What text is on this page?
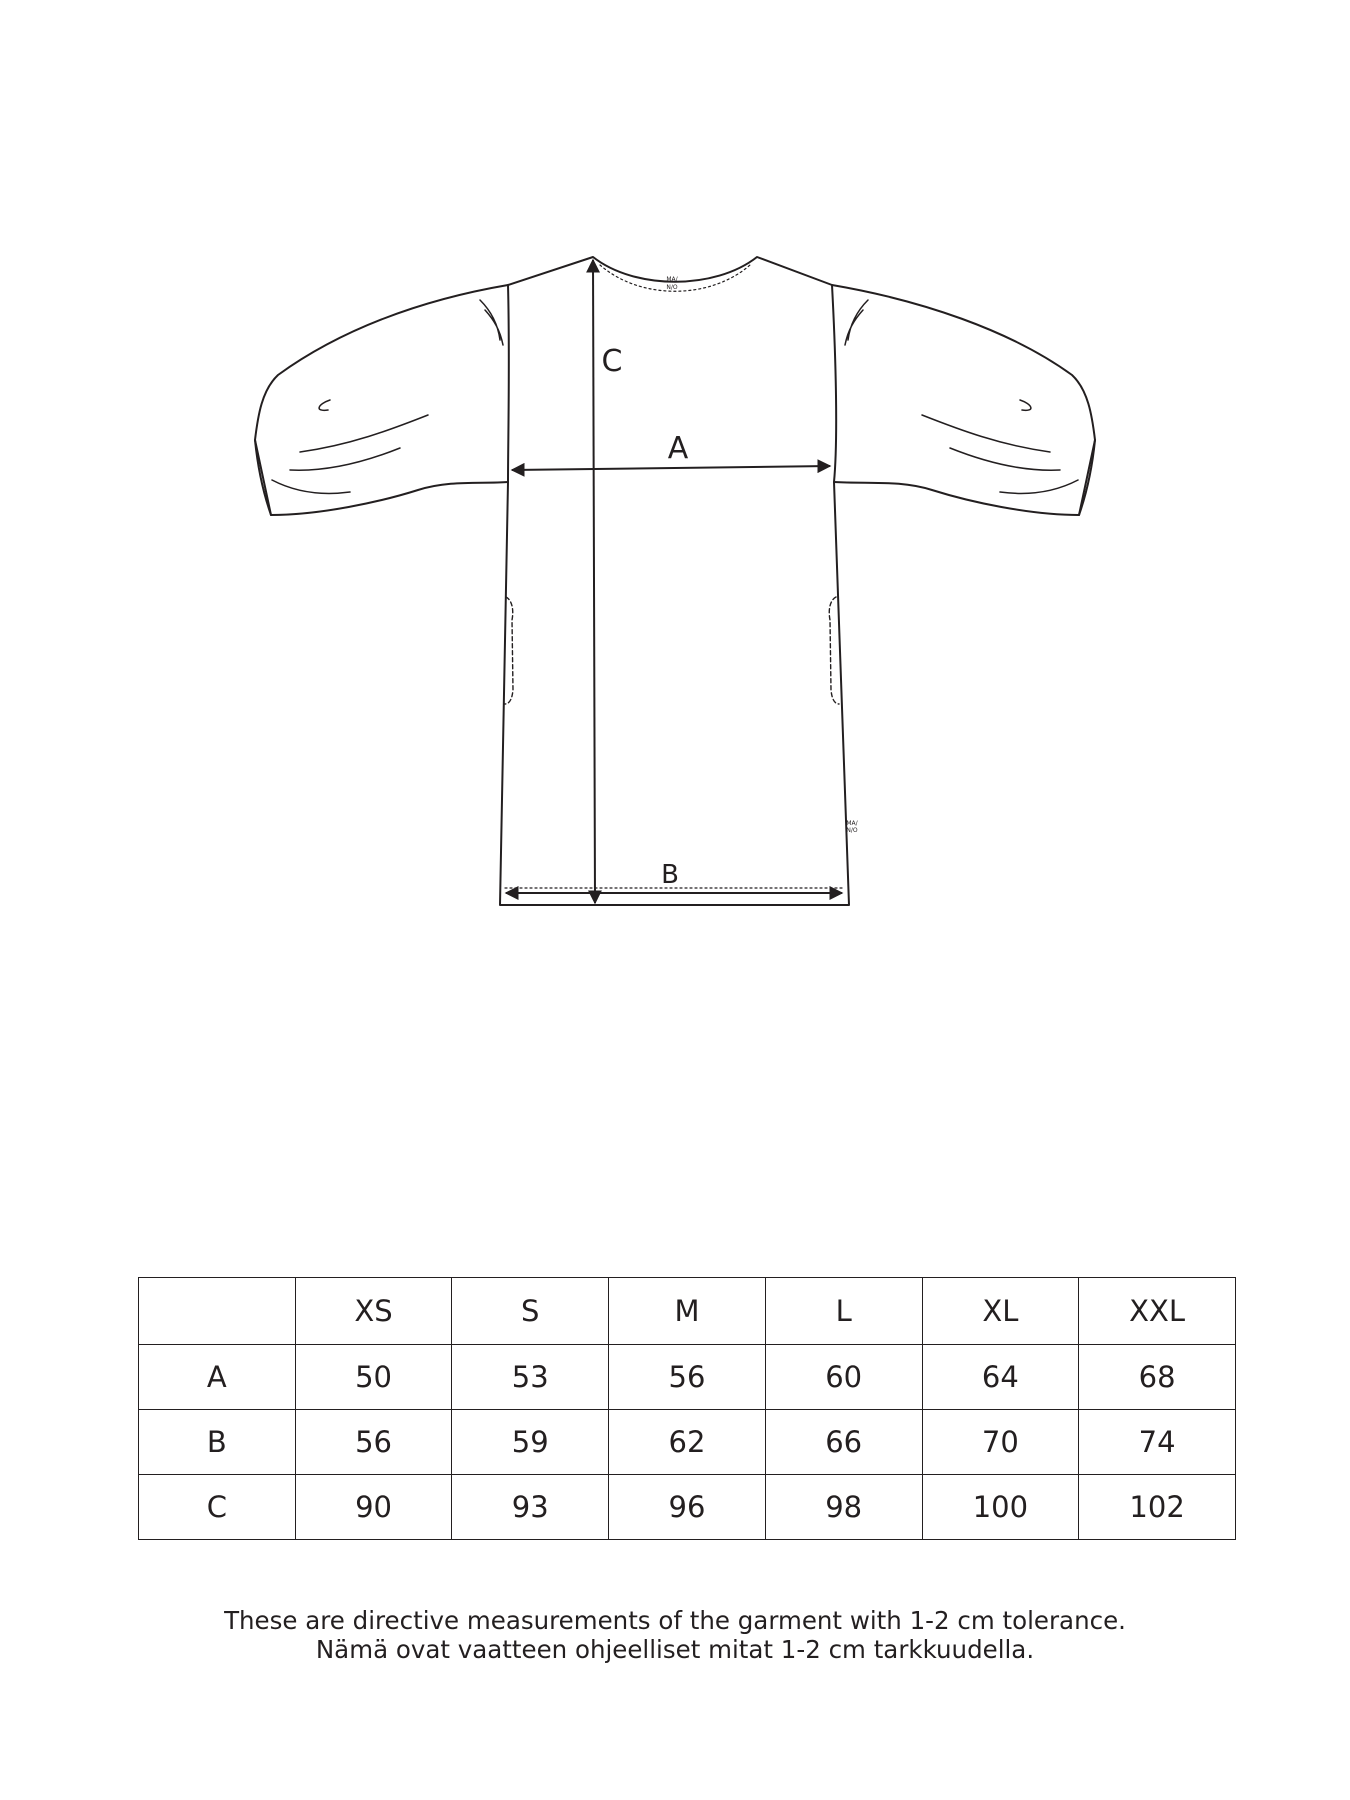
A
B
C
MA/
N/O
MA/
N/O
	XS	S	M	L	XL	XXL
A	50	53	56	60	64	68
B	56	59	62	66	70	74
C	90	93	96	98	100	102
These are directive measurements of the garment with 1-2 cm tolerance.
Nämä ovat vaatteen ohjeelliset mitat 1-2 cm tarkkuudella.
